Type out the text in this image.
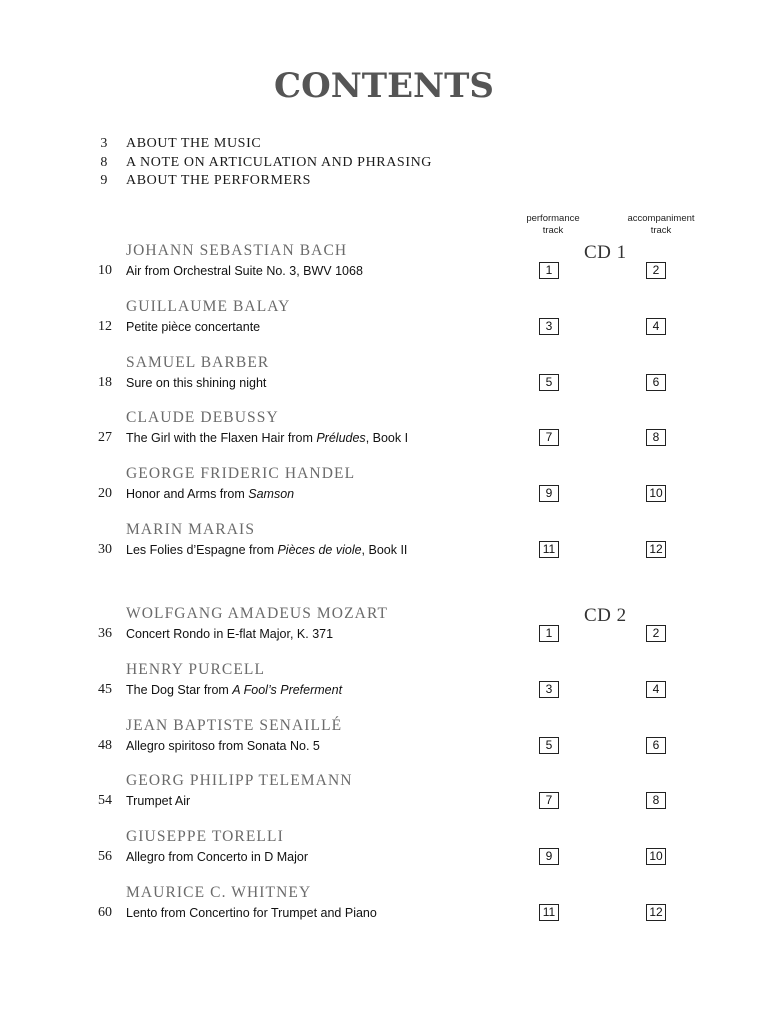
CONTENTS
3 ABOUT THE MUSIC
8 A NOTE ON ARTICULATION AND PHRASING
9 ABOUT THE PERFORMERS
performance
track
accompaniment
track
CD 1
JOHANN SEBASTIAN BACH
10 Air from Orchestral Suite No. 3, BWV 1068	1	2
GUILLAUME BALAY
12 Petite pièce concertante	3	4
SAMUEL BARBER
18 Sure on this shining night	5	6
CLAUDE DEBUSSY
27 The Girl with the Flaxen Hair from Préludes, Book I	7	8
GEORGE FRIDERIC HANDEL
20 Honor and Arms from Samson	9	10
MARIN MARAIS
30 Les Folies d’Espagne from Pièces de viole, Book II	11	12
CD 2
WOLFGANG AMADEUS MOZART
36 Concert Rondo in E-flat Major, K. 371	1	2
HENRY PURCELL
45 The Dog Star from A Fool’s Preferment	3	4
JEAN BAPTISTE SENAILLÉ
48 Allegro spiritoso from Sonata No. 5	5	6
GEORG PHILIPP TELEMANN
54 Trumpet Air	7	8
GIUSEPPE TORELLI
56 Allegro from Concerto in D Major	9	10
MAURICE C. WHITNEY
60 Lento from Concertino for Trumpet and Piano	11	12
